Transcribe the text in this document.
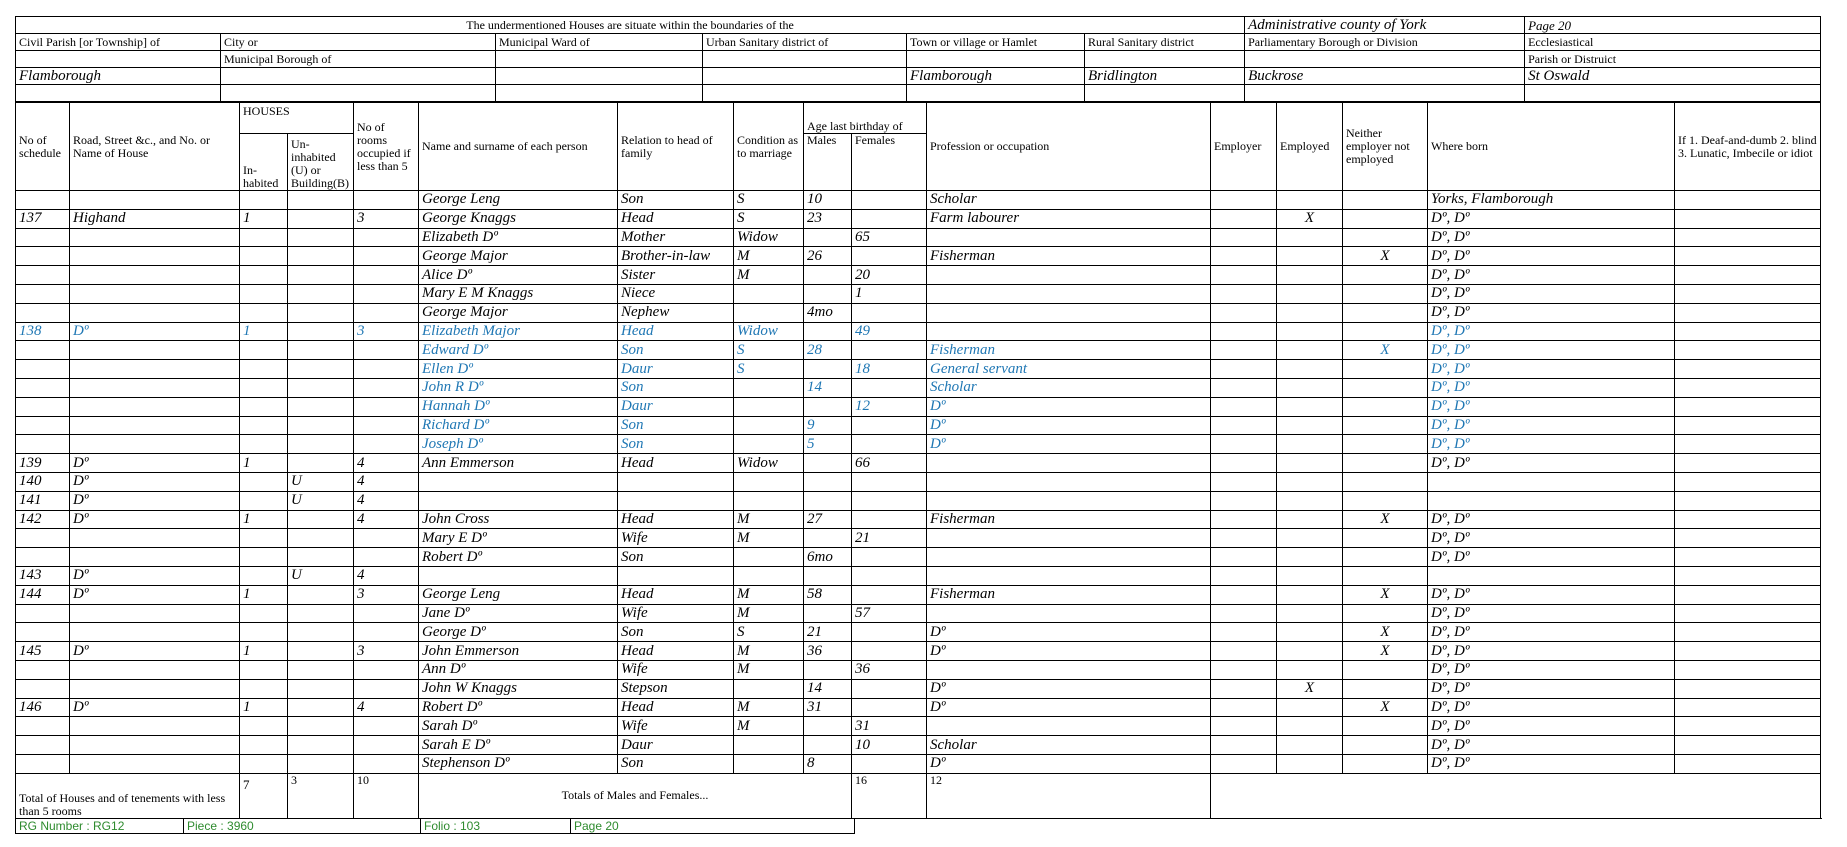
The undermentioned Houses are situate within the boundaries of the						Administrative county of York	Page 20
Civil Parish [or Township] of	City or	Municipal Ward of	Urban Sanitary district of	Town or village or Hamlet	Rural Sanitary district	Parliamentary Borough or Division	Ecclesiastical
	Municipal Borough of						Parish or Distruict
Flamborough				Flamborough	Bridlington	Buckrose	St Oswald

No of schedule	Road, Street &c., and No. or Name of House	HOUSES		No of rooms occupied if less than 5	Name and surname of each person	Relation to head of family	Condition as to marriage	Age last birthday of		Profession or occupation	Employer	Employed	Neither employer not employed	Where born	If 1. Deaf-and-dumb 2. blind 3. Lunatic, Imbecile or idiot
		In- habited	Un- inhabited (U) or Building(B)					Males	Females						
					George Leng	Son	S	10		Scholar				Yorks, Flamborough	
137	Highand	1		3	George Knaggs	Head	S	23		Farm labourer		X		Dº, Dº	
					Elizabeth Dº	Mother	Widow		65					Dº, Dº	
					George Major	Brother-in-law	M	26		Fisherman			X	Dº, Dº	
					Alice Dº	Sister	M		20					Dº, Dº	
					Mary E M Knaggs	Niece			1					Dº, Dº	
					George Major	Nephew		4mo						Dº, Dº	
138	Dº	1		3	Elizabeth Major	Head	Widow		49					Dº, Dº	
					Edward Dº	Son	S	28		Fisherman			X	Dº, Dº	
					Ellen Dº	Daur	S		18	General servant				Dº, Dº	
					John R Dº	Son		14		Scholar				Dº, Dº	
					Hannah Dº	Daur			12	Dº				Dº, Dº	
					Richard Dº	Son		9		Dº				Dº, Dº	
					Joseph Dº	Son		5		Dº				Dº, Dº	
139	Dº	1		4	Ann Emmerson	Head	Widow		66					Dº, Dº	
140	Dº		U	4											
141	Dº		U	4											
142	Dº	1		4	John Cross	Head	M	27		Fisherman			X	Dº, Dº	
					Mary E Dº	Wife	M		21					Dº, Dº	
					Robert Dº	Son		6mo						Dº, Dº	
143	Dº		U	4											
144	Dº	1		3	George Leng	Head	M	58		Fisherman			X	Dº, Dº	
					Jane Dº	Wife	M		57					Dº, Dº	
					George Dº	Son	S	21		Dº			X	Dº, Dº	
145	Dº	1		3	John Emmerson	Head	M	36		Dº			X	Dº, Dº	
					Ann Dº	Wife	M		36					Dº, Dº	
					John W Knaggs	Stepson		14		Dº		X		Dº, Dº	
146	Dº	1		4	Robert Dº	Head	M	31		Dº			X	Dº, Dº	
					Sarah Dº	Wife	M		31					Dº, Dº	
					Sarah E Dº	Daur			10	Scholar				Dº, Dº	
					Stephenson Dº	Son		8		Dº				Dº, Dº	
Total of Houses and of tenements with less than 5 rooms		7	3	10	Totals of Males and Females...				16	12					
RG Number : RG12	Piece : 3960	Folio : 103	Page 20
